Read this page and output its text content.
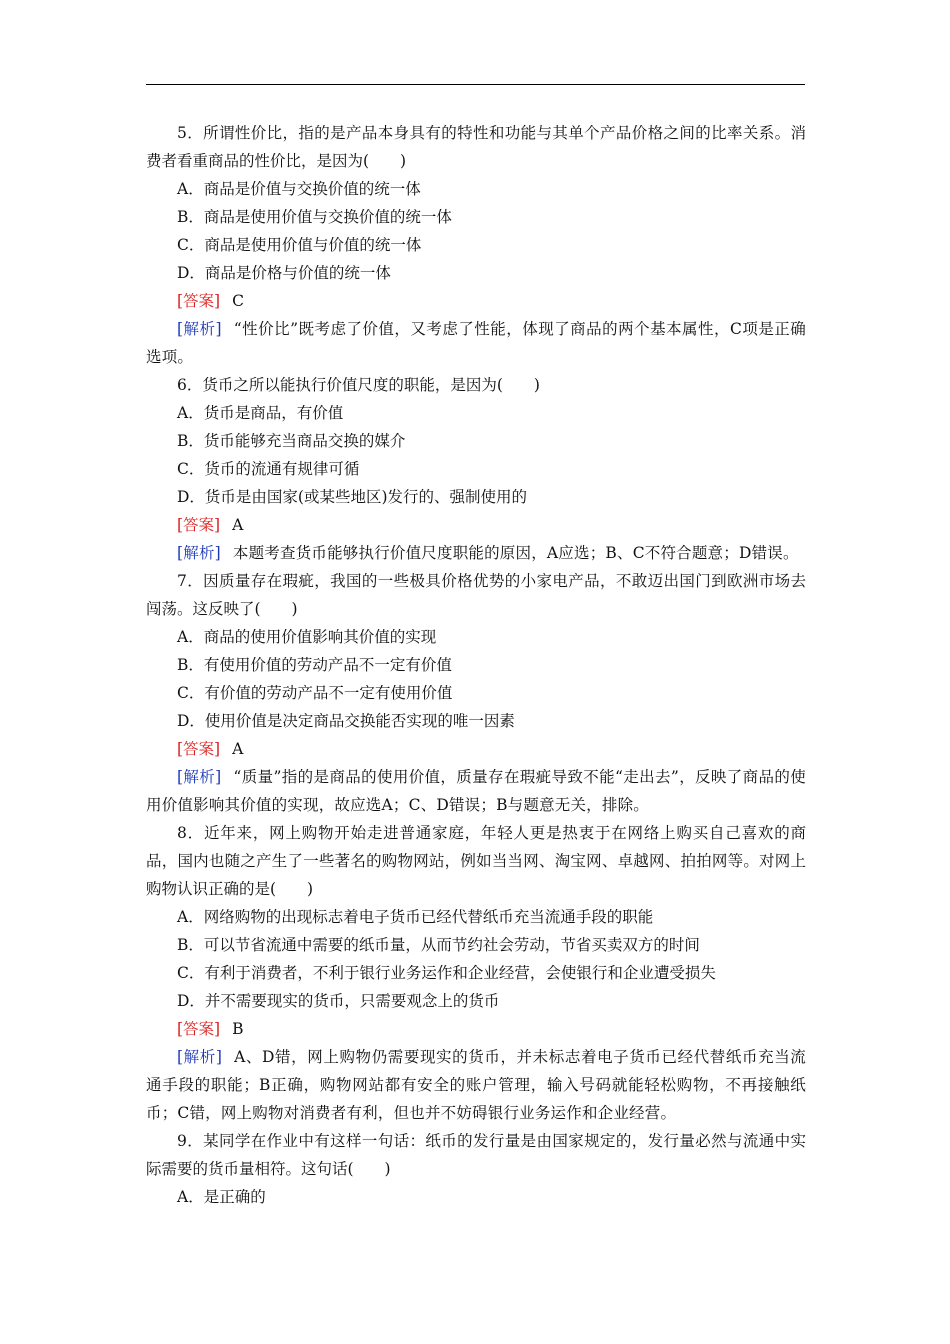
5．所谓性价比，指的是产品本身具有的特性和功能与其单个产品价格之间的比率关系。消费者看重商品的性价比，是因为(　　)

A．商品是价值与交换价值的统一体

B．商品是使用价值与交换价值的统一体

C．商品是使用价值与价值的统一体

D．商品是价格与价值的统一体

[答案] C

[解析] “性价比”既考虑了价值，又考虑了性能，体现了商品的两个基本属性，C项是正确选项。

6．货币之所以能执行价值尺度的职能，是因为(　　)

A．货币是商品，有价值

B．货币能够充当商品交换的媒介

C．货币的流通有规律可循

D．货币是由国家(或某些地区)发行的、强制使用的

[答案] A

[解析] 本题考查货币能够执行价值尺度职能的原因，A应选；B、C不符合题意；D错误。

7．因质量存在瑕疵，我国的一些极具价格优势的小家电产品，不敢迈出国门到欧洲市场去闯荡。这反映了(　　)

A．商品的使用价值影响其价值的实现

B．有使用价值的劳动产品不一定有价值

C．有价值的劳动产品不一定有使用价值

D．使用价值是决定商品交换能否实现的唯一因素

[答案] A

[解析] “质量”指的是商品的使用价值，质量存在瑕疵导致不能“走出去”，反映了商品的使用价值影响其价值的实现，故应选A；C、D错误；B与题意无关，排除。

8．近年来，网上购物开始走进普通家庭，年轻人更是热衷于在网络上购买自己喜欢的商品，国内也随之产生了一些著名的购物网站，例如当当网、淘宝网、卓越网、拍拍网等。对网上购物认识正确的是(　　)

A．网络购物的出现标志着电子货币已经代替纸币充当流通手段的职能

B．可以节省流通中需要的纸币量，从而节约社会劳动，节省买卖双方的时间

C．有利于消费者，不利于银行业务运作和企业经营，会使银行和企业遭受损失

D．并不需要现实的货币，只需要观念上的货币

[答案] B

[解析] A、D错，网上购物仍需要现实的货币，并未标志着电子货币已经代替纸币充当流通手段的职能；B正确，购物网站都有安全的账户管理，输入号码就能轻松购物，不再接触纸币；C错，网上购物对消费者有利，但也并不妨碍银行业务运作和企业经营。

9．某同学在作业中有这样一句话：纸币的发行量是由国家规定的，发行量必然与流通中实际需要的货币量相符。这句话(　　)

A．是正确的
